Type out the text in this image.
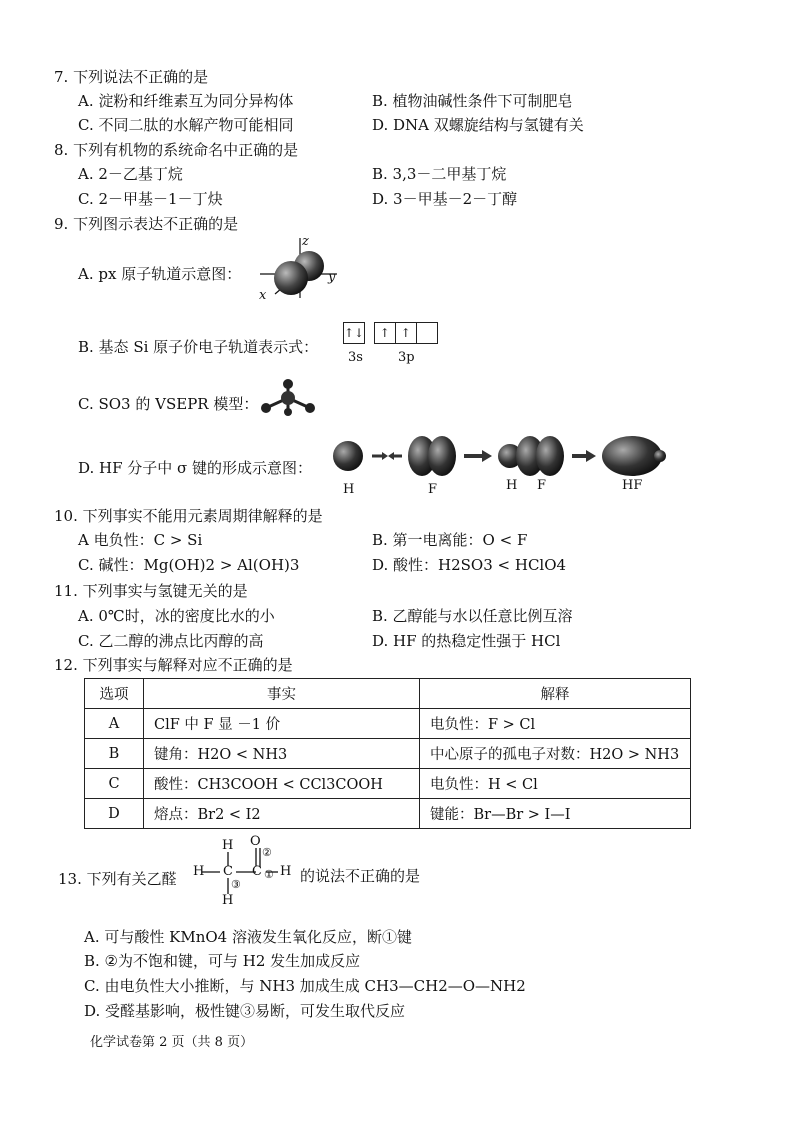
7. 下列说法不正确的是
A. 淀粉和纤维素互为同分异构体	B. 植物油碱性条件下可制肥皂
C. 不同二肽的水解产物可能相同	D. DNA 双螺旋结构与氢键有关
8. 下列有机物的系统命名中正确的是
A. 2－乙基丁烷	B. 3,3－二甲基丁烷
C. 2－甲基－1－丁炔	D. 3－甲基－2－丁醇
9. 下列图示表达不正确的是
A. px 原子轨道示意图：
z
y
x
B. 基态 Si 原子价电子轨道表示式：
↑↓ ↑ ↑
3s	3p
C. SO3 的 VSEPR 模型：
D. HF 分子中 σ 键的形成示意图：
H	F	H F	HF
10. 下列事实不能用元素周期律解释的是
A 电负性：C > Si	B. 第一电离能：O < F
C. 碱性：Mg(OH)2 > Al(OH)3	D. 酸性：H2SO3 < HClO4
11. 下列事实与氢键无关的是
A. 0℃时，冰的密度比水的小	B. 乙醇能与水以任意比例互溶
C. 乙二醇的沸点比丙醇的高	D. HF 的热稳定性强于 HCl
12. 下列事实与解释对应不正确的是
选项	事实	解释
A	ClF 中 F 显 －1 价	电负性：F > Cl
B	键角：H2O < NH3	中心原子的孤电子对数：H2O > NH3
C	酸性：CH3COOH < CCl3COOH	电负性：H < Cl
D	熔点：Br2 < I2	键能：Br—Br > I—I
13. 下列有关乙醛	的说法不正确的是
H O
②
H C C ① H
③
H
A. 可与酸性 KMnO4 溶液发生氧化反应，断①键
B. ②为不饱和键，可与 H2 发生加成反应
C. 由电负性大小推断，与 NH3 加成生成 CH3—CH2—O—NH2
D. 受醛基影响，极性键③易断，可发生取代反应
化学试卷第 2 页（共 8 页）
